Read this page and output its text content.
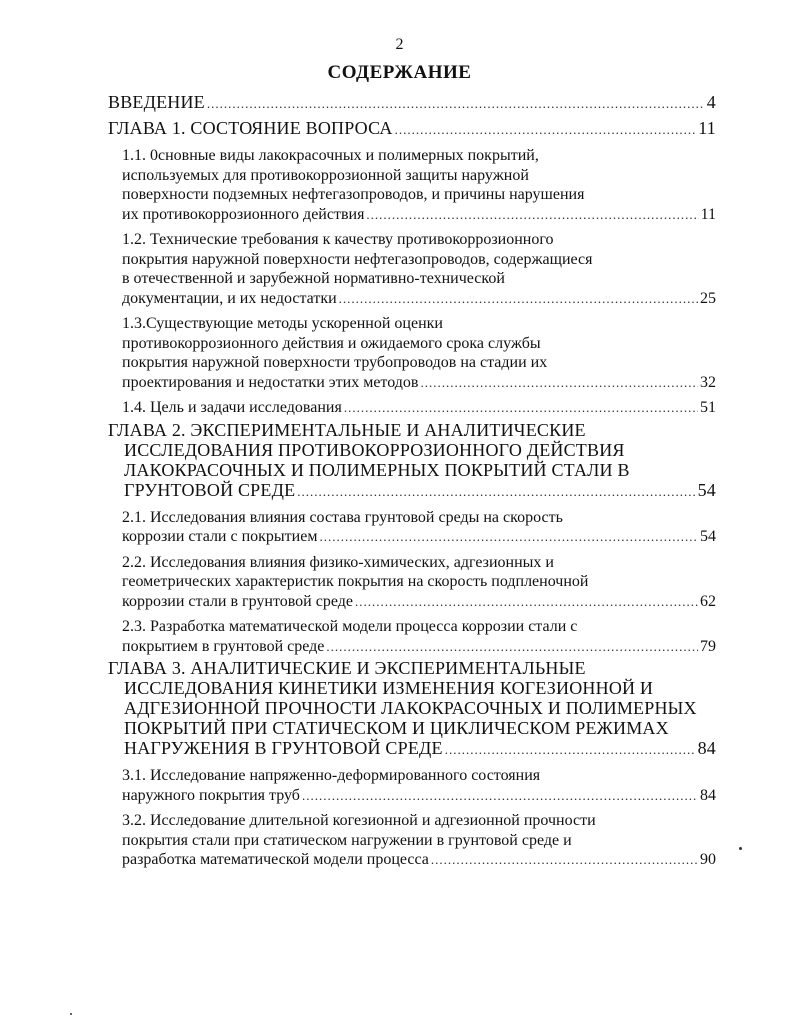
2
СОДЕРЖАНИЕ
ВВЕДЕНИЕ .....	4
ГЛАВА 1. СОСТОЯНИЕ ВОПРОСА .....	11
1.1. 0сновные виды лакокрасочных и полимерных покрытий,
используемых для противокоррозионной защиты наружной
поверхности подземных нефтегазопроводов, и причины нарушения
их противокоррозионного действия .....	11
1.2. Технические требования к качеству противокоррозионного
покрытия наружной поверхности нефтегазопроводов, содержащиеся
в отечественной и зарубежной нормативно-технической
документации, и их недостатки .....	25
1.3.Существующие методы ускоренной оценки
противокоррозионного действия и ожидаемого срока службы
покрытия наружной поверхности трубопроводов на стадии их
проектирования и недостатки этих методов .....	32
1.4. Цель и задачи исследования .....	51
ГЛАВА 2. ЭКСПЕРИМЕНТАЛЬНЫЕ И АНАЛИТИЧЕСКИЕ
ИССЛЕДОВАНИЯ ПРОТИВОКОРРОЗИОННОГО ДЕЙСТВИЯ
ЛАКОКРАСОЧНЫХ И ПОЛИМЕРНЫХ ПОКРЫТИЙ СТАЛИ В
ГРУНТОВОЙ СРЕДЕ .....	54
2.1. Исследования влияния состава грунтовой среды на скорость
коррозии стали с покрытием .....	54
2.2. Исследования влияния физико-химических, адгезионных и
геометрических характеристик покрытия на скорость подпленочной
коррозии стали в грунтовой среде .....	62
2.3. Разработка математической модели процесса коррозии стали с
покрытием в грунтовой среде .....	79
ГЛАВА 3. АНАЛИТИЧЕСКИЕ И ЭКСПЕРИМЕНТАЛЬНЫЕ
ИССЛЕДОВАНИЯ КИНЕТИКИ ИЗМЕНЕНИЯ КОГЕЗИОННОЙ И
АДГЕЗИОННОЙ ПРОЧНОСТИ ЛАКОКРАСОЧНЫХ И ПОЛИМЕРНЫХ
ПОКРЫТИЙ ПРИ СТАТИЧЕСКОМ И ЦИКЛИЧЕСКОМ РЕЖИМАХ
НАГРУЖЕНИЯ В ГРУНТОВОЙ СРЕДЕ .....	84
3.1. Исследование напряженно-деформированного состояния
наружного покрытия труб .....	84
3.2. Исследование длительной когезионной и адгезионной прочности
покрытия стали при статическом нагружении в грунтовой среде и
разработка математической модели процесса .....	90
